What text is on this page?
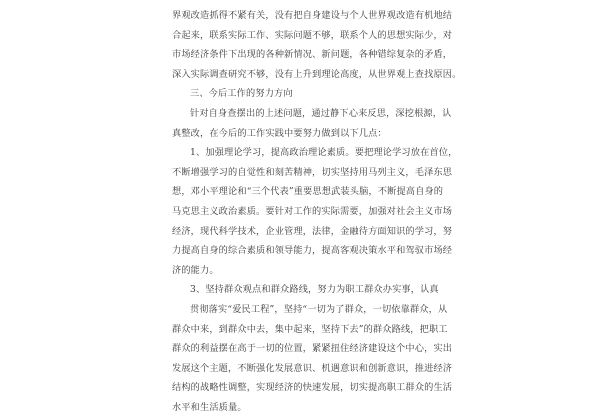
界观改造抓得不紧有关，没有把自身建设与个人世界观改造有机地结
合起来，联系实际工作、实际问题不够，联系个人的思想实际少，对
市场经济条件下出现的各种新情况、新问题，各种错综复杂的矛盾，
深入实际调查研究不够，没有上升到理论高度，从世界观上查找原因。

三、今后工作的努力方向

针对自身查摆出的上述问题，通过静下心来反思，深挖根源，认
真整改，在今后的工作实践中要努力做到以下几点：

1、加强理论学习，提高政治理论素质。要把理论学习放在首位，
不断增强学习的自觉性和刻苦精神，切实坚持用马列主义，毛泽东思
想，邓小平理论和“三个代表”重要思想武装头脑，不断提高自身的
马克思主义政治素质。要针对工作的实际需要，加强对社会主义市场
经济，现代科学技术，企业管理，法律，金融待方面知识的学习，努
力提高自身的综合素质和领导能力，提高客观决策水平和驾驭市场经
济的能力。

3、坚持群众观点和群众路线，努力为职工群众办实事，认真

贯彻落实“爱民工程”，坚持“一切为了群众，一切依靠群众，从
群众中来，到群众中去，集中起来，坚持下去”的群众路线，把职工
群众的利益摆在高于一切的位置，紧紧扭住经济建设这个中心，实出
发展这个主题，不断强化发展意识、机遇意识和创新意识，推进经济
结构的战略性调整，实现经济的快速发展，切实提高职工群众的生活
水平和生活质量。
